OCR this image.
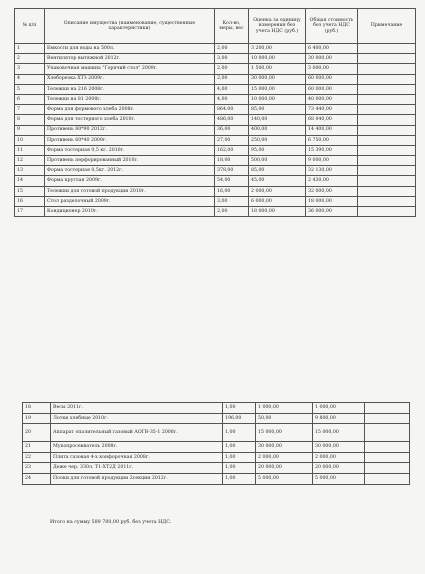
№ п/п	Описание имущества (наименование, существенные характеристики)	Кол-во, меры, вес	Оценка за единицу измерения без учета НДС (руб.)	Общая стоимость без учета НДС (руб.)	Примечание
1	Емкости для воды на 500л.	2,00	3 200,00	6 400,00	
2	Вентилятор вытяжной 2012г.	3,00	10 000,00	30 000,00	
3	Упаковочная машина "Горячий стол" 2009г.	2,00	1 500,00	3 000,00	
4	Хлеборезка ХТЗ 2009г.	2,00	30 000,00	60 000,00	
5	Тележки на 216 2008г.	4,00	15 000,00	60 000,00	
6	Тележки на 81 2008г.	4,00	10 000,00	40 000,00	
7	Форма для формового хлеба 2008г.	864,00	85,00	73 440,00	
8	Форма для тостерного хлеба 2010г.	486,00	140,00	68 040,00	
9	Противень 80*90 2012г.	36,00	400,00	14 400,00	
10	Противень 60*40 2009г.	27,00	250,00	6 750,00	
11	Форма тостерная 0,5 кг. 2010г.	162,00	95,00	15 390,00	
12	Противень перфорированный 2010г.	18,00	500,00	9 000,00	
13	Форма тостерная 0,5кг. 2012г.	378,00	85,00	32 130,00	
14	Форма круглая 2009г.	54,00	45,00	2 430,00	
15	Тележки для готовой продукции 2010г.	16,00	2 000,00	32 000,00	
16	Стол разделочный 2009г.	3,00	6 000,00	18 000,00	
17	Кондиционер 2010г.	2,00	18 000,00	36 000,00	
18	Весы 2011г.	1,00	1 000,00	1 000,00	
19	Лотки хлебные 2010г.	196,00	50,00	9 800,00	
20	Аппарат опалительный газовый АОГВ-35-1 2008г.	1,00	15 000,00	15 000,00	
21	Мукопросеиватель 2008г.	1,00	30 000,00	30 000,00	
22	Плита газовая 4-х конфорочная 2008г.	1,00	2 000,00	2 000,00	
23	Деже чер. 330л. Т1-ХТ2Д 2011г.	1,00	20 000,00	20 000,00	
24	Полки для готовой продукции 2секции 2012г.	1,00	5 000,00	5 000,00	
Итого на сумму 589 780,00 руб. без учета НДС.
